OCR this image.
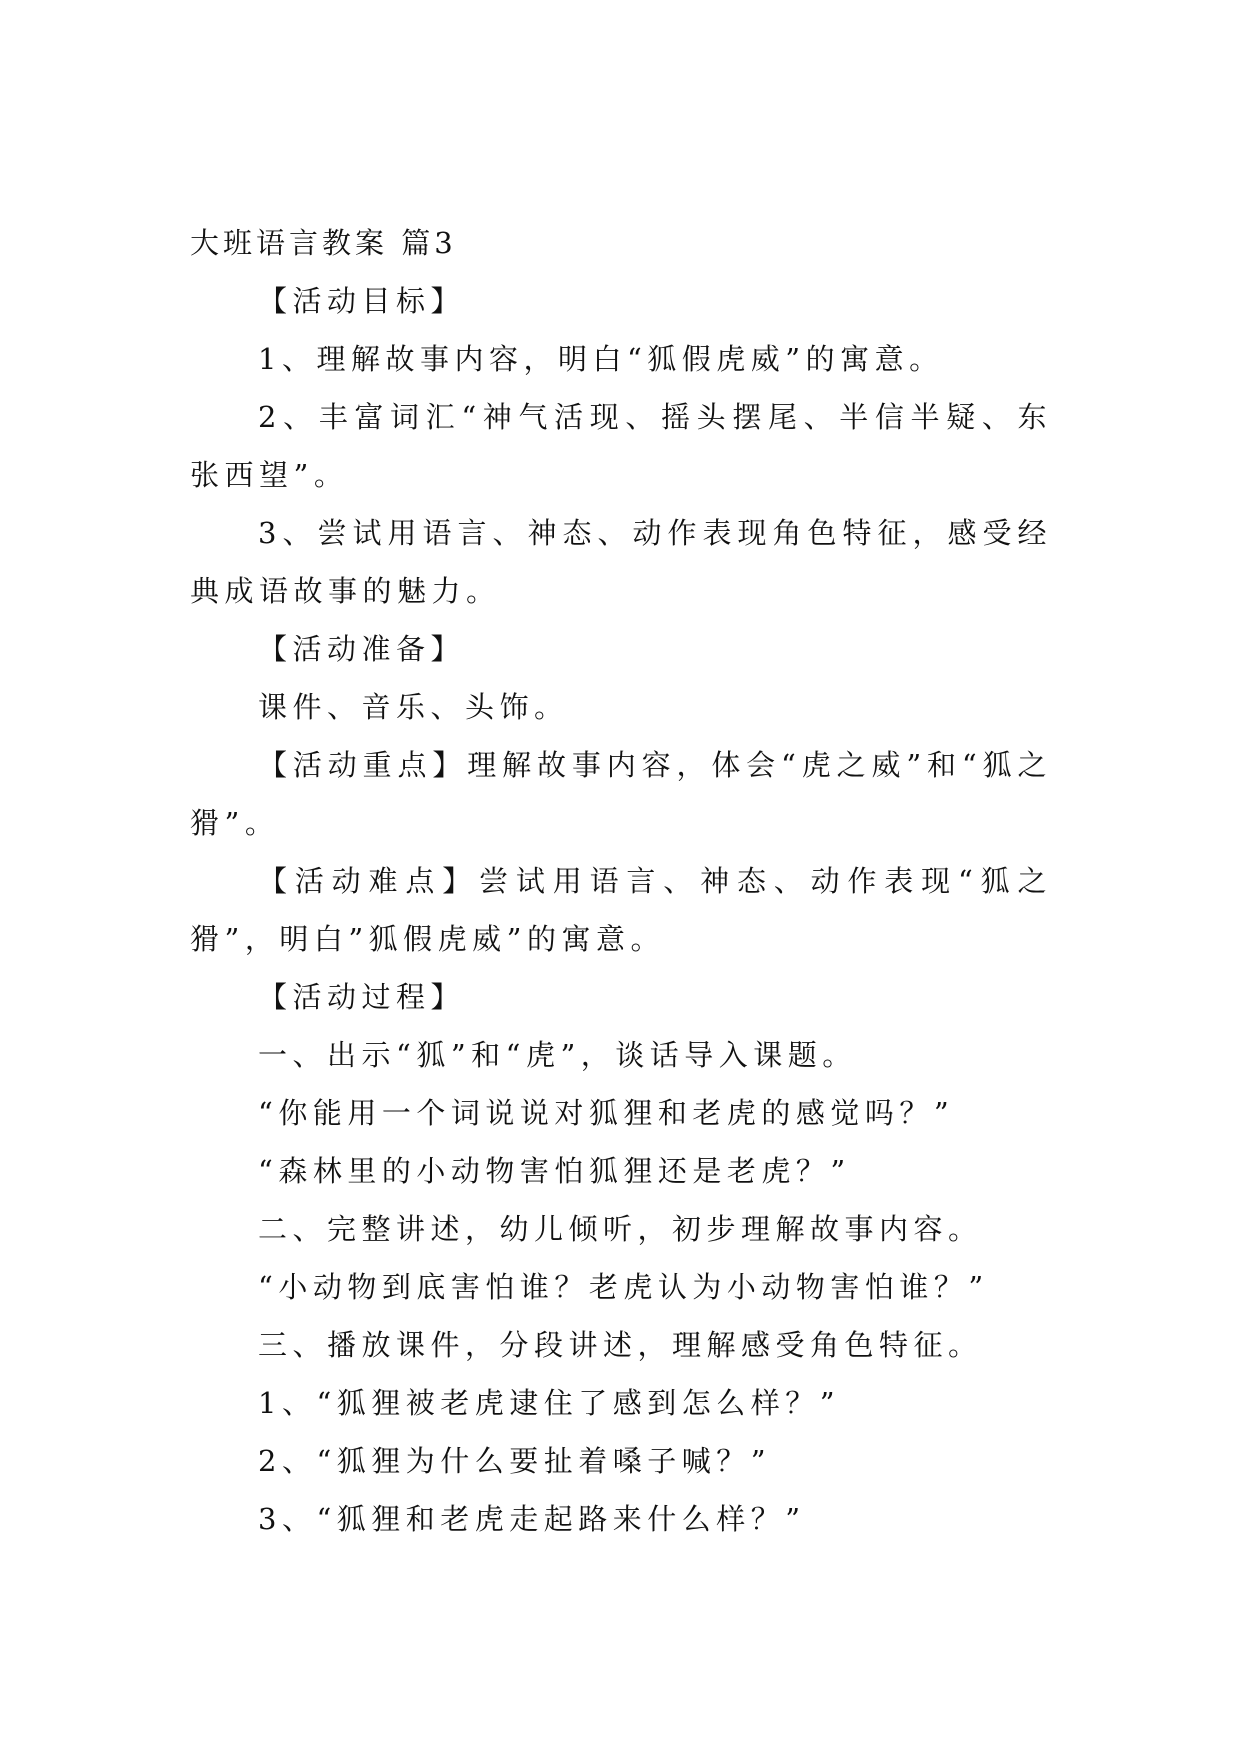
大班语言教案 篇3
【活动目标】
1、理解故事内容，明白“狐假虎威”的寓意。
2、丰富词汇“神气活现、摇头摆尾、半信半疑、东张西望”。
3、尝试用语言、神态、动作表现角色特征，感受经典成语故事的魅力。
【活动准备】
课件、音乐、头饰。
【活动重点】理解故事内容，体会“虎之威”和“狐之猾”。
【活动难点】尝试用语言、神态、动作表现“狐之猾”，明白”狐假虎威”的寓意。
【活动过程】
一、出示“狐”和“虎”，谈话导入课题。
“你能用一个词说说对狐狸和老虎的感觉吗？”
“森林里的小动物害怕狐狸还是老虎？”
二、完整讲述，幼儿倾听，初步理解故事内容。
“小动物到底害怕谁？老虎认为小动物害怕谁？”
三、播放课件，分段讲述，理解感受角色特征。
1、“狐狸被老虎逮住了感到怎么样？”
2、“狐狸为什么要扯着嗓子喊？”
3、“狐狸和老虎走起路来什么样？”
